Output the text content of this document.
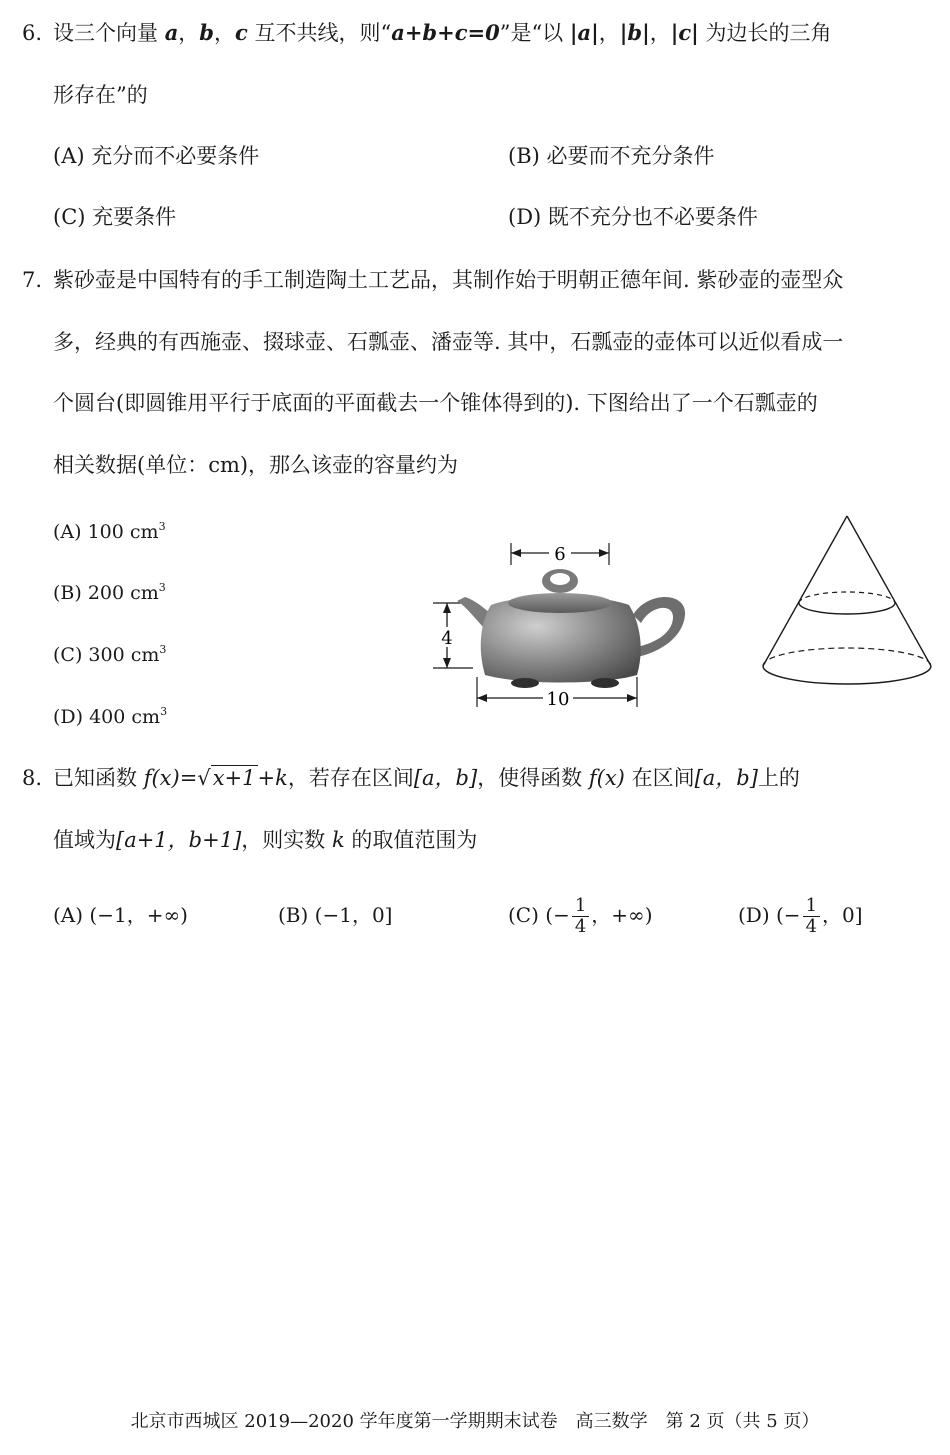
6. 设三个向量 a，b，c 互不共线，则“a+b+c=0”是“以 |a|，|b|，|c| 为边长的三角
形存在”的
(A) 充分而不必要条件	(B) 必要而不充分条件
(C) 充要条件	(D) 既不充分也不必要条件
7. 紫砂壶是中国特有的手工制造陶土工艺品，其制作始于明朝正德年间. 紫砂壶的壶型众
多，经典的有西施壶、掇球壶、石瓢壶、潘壶等. 其中，石瓢壶的壶体可以近似看成一
个圆台(即圆锥用平行于底面的平面截去一个锥体得到的). 下图给出了一个石瓢壶的
相关数据(单位：cm)，那么该壶的容量约为
(A) 100 $cm^3$
(B) 200 $cm^3$
(C) 300 $cm^3$
(D) 400 $cm^3$
6
4
10
8. 已知函数 f(x)=√x+1+k，若存在区间[a，b]，使得函数 f(x) 在区间[a，b]上的
值域为[a+1，b+1]，则实数 k 的取值范围为
(A) (−1，+∞)	(B) (−1，0]	(C) (− $\frac{1}{4}$ ，+∞)	(D) (− $\frac{1}{4}$ ，0]
北京市西城区 2019—2020 学年度第一学期期末试卷　高三数学　第 2 页（共 5 页）
